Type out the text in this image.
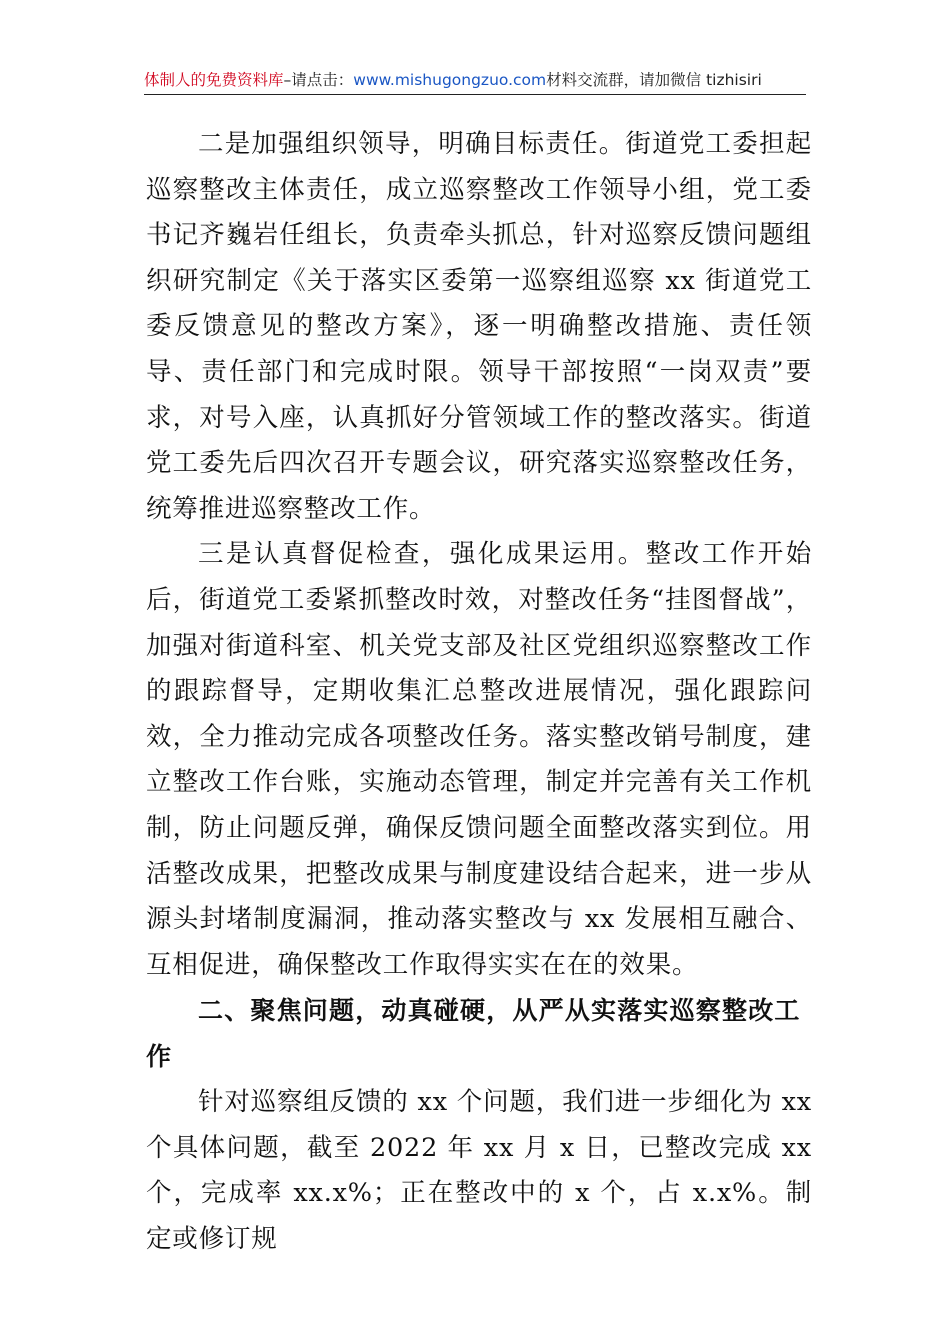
体制人的免费资料库–请点击：www.mishugongzuo.com材料交流群，请加微信 tizhisiri

二是加强组织领导，明确目标责任。街道党工委担起巡察整改主体责任，成立巡察整改工作领导小组，党工委书记齐巍岩任组长，负责牵头抓总，针对巡察反馈问题组织研究制定《关于落实区委第一巡察组巡察 xx 街道党工委反馈意见的整改方案》，逐一明确整改措施、责任领导、责任部门和完成时限。领导干部按照“一岗双责”要求，对号入座，认真抓好分管领域工作的整改落实。街道党工委先后四次召开专题会议，研究落实巡察整改任务，统筹推进巡察整改工作。

三是认真督促检查，强化成果运用。整改工作开始后，街道党工委紧抓整改时效，对整改任务“挂图督战”，加强对街道科室、机关党支部及社区党组织巡察整改工作的跟踪督导，定期收集汇总整改进展情况，强化跟踪问效，全力推动完成各项整改任务。落实整改销号制度，建立整改工作台账，实施动态管理，制定并完善有关工作机制，防止问题反弹，确保反馈问题全面整改落实到位。用活整改成果，把整改成果与制度建设结合起来，进一步从源头封堵制度漏洞，推动落实整改与 xx 发展相互融合、互相促进，确保整改工作取得实实在在的效果。

二、聚焦问题，动真碰硬，从严从实落实巡察整改工作

针对巡察组反馈的 xx 个问题，我们进一步细化为 xx 个具体问题，截至 2022 年 xx 月 x 日，已整改完成 xx 个，完成率 xx.x%；正在整改中的 x 个，占 x.x%。制定或修订规
